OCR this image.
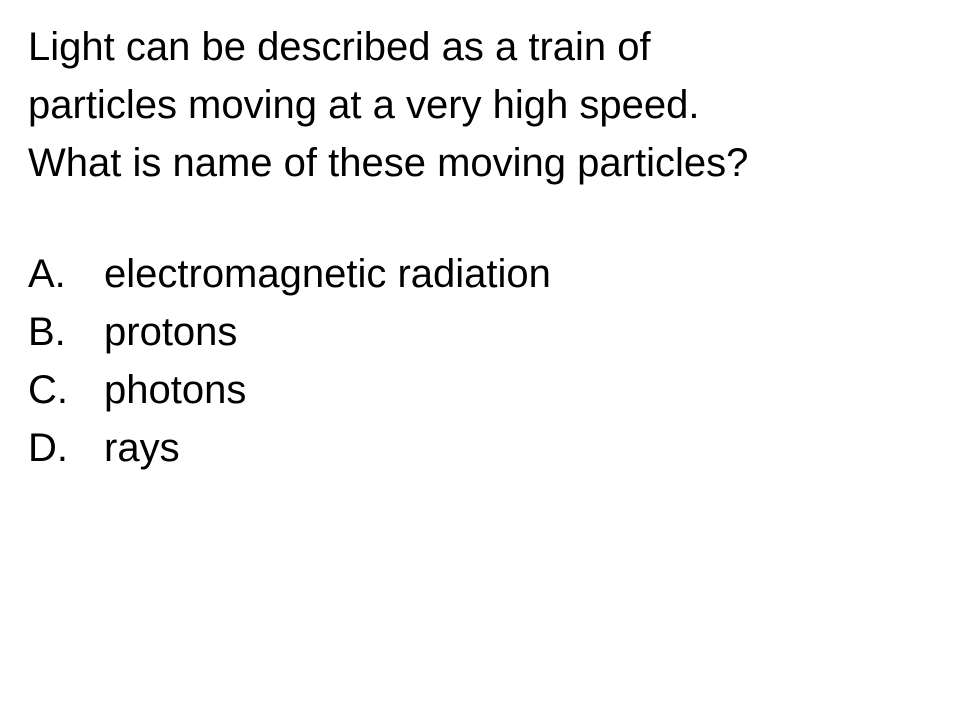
Light can be described as a train of
particles moving at a very high speed.
What is name of these moving particles?

A. electromagnetic radiation
B. protons
C. photons
D. rays
